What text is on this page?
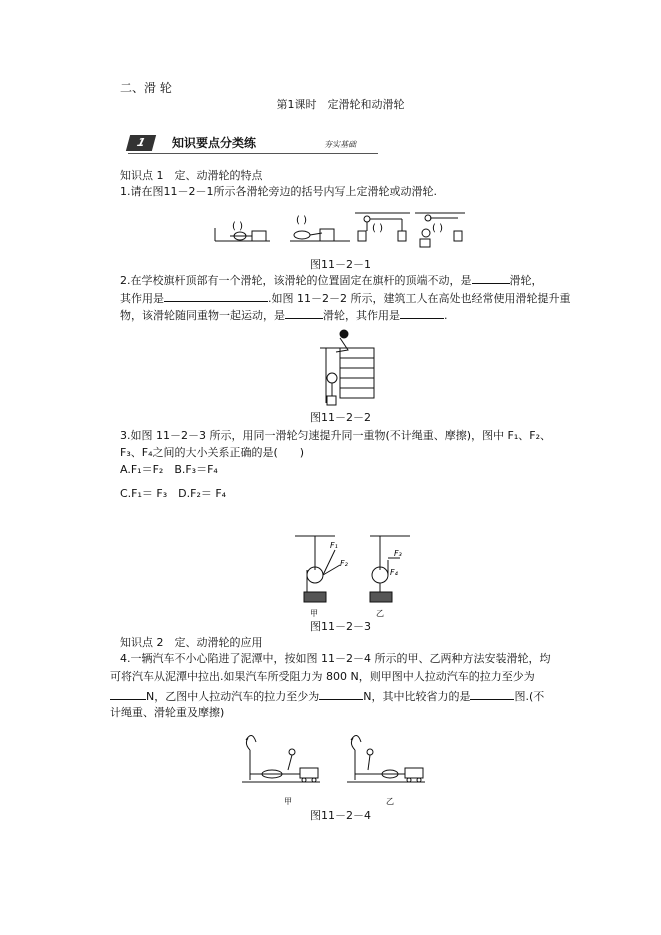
二、滑 轮
第1课时　定滑轮和动滑轮
1	知识要点分类练	夯实基础
知识点 1　定、动滑轮的特点
1.请在图11－2－1所示各滑轮旁边的括号内写上定滑轮或动滑轮.
( )
( )
( )	( )
图11－2－1
2.在学校旗杆顶部有一个滑轮，该滑轮的位置固定在旗杆的顶端不动，是	滑轮，
其作用是	.如图 11－2－2 所示，建筑工人在高处也经常使用滑轮提升重
物，该滑轮随同重物一起运动，是	滑轮，其作用是	.
图11－2－2
3.如图 11－2－3 所示，用同一滑轮匀速提升同一重物(不计绳重、摩擦)，图中 F₁、F₂、
F₃、F₄之间的大小关系正确的是(　　)
A.F₁＝F₂　 B.F₃＝F₄
C.F₁＝ F₃　 D.F₂＝ F₄
F₁
F₂
F₃
F₄
甲	乙
图11－2－3
知识点 2　定、动滑轮的应用
4.一辆汽车不小心陷进了泥潭中，按如图 11－2－4 所示的甲、乙两种方法安装滑轮，均
可将汽车从泥潭中拉出.如果汽车所受阻力为 800 N，则甲图中人拉动汽车的拉力至少为
N，乙图中人拉动汽车的拉力至少为	N，其中比较省力的是	图.(不
计绳重、滑轮重及摩擦)
甲	乙
图11－2－4
